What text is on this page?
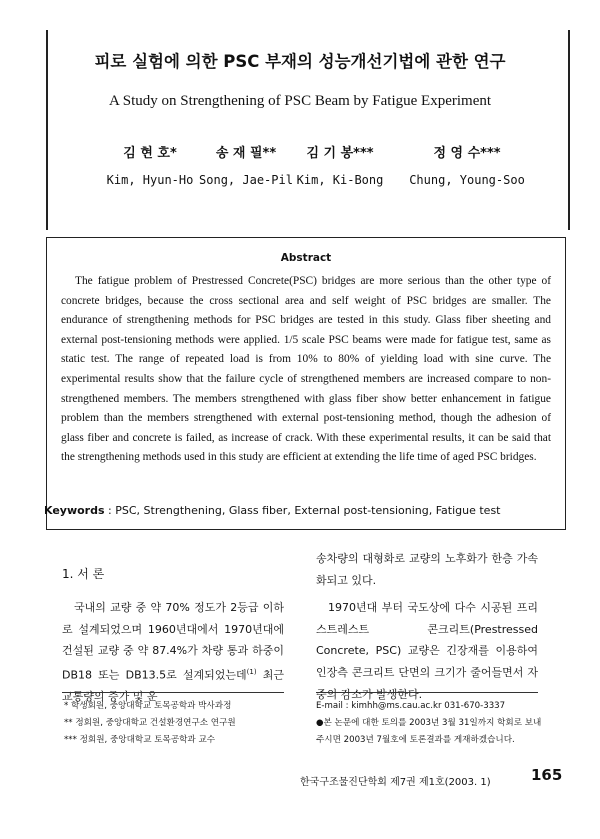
피로 실험에 의한 PSC 부재의 성능개선기법에 관한 연구
A Study on Strengthening of PSC Beam by Fatigue Experiment
김 현 호*
Kim, Hyun-Ho
송 재 필**
Song, Jae-Pil
김 기 봉***
Kim, Ki-Bong
정 영 수***
Chung, Young-Soo
Abstract
The fatigue problem of Prestressed Concrete(PSC) bridges are more serious than the other type of concrete bridges, because the cross sectional area and self weight of PSC bridges are smaller. The endurance of strengthening methods for PSC bridges are tested in this study. Glass fiber sheeting and external post-tensioning methods were applied. 1/5 scale PSC beams were made for fatigue test, same as static test. The range of repeated load is from 10% to 80% of yielding load with sine curve. The experimental results show that the failure cycle of strengthened members are increased compare to non-strengthened members. The members strengthened with glass fiber show better enhancement in fatigue problem than the members strengthened with external post-tensioning method, though the adhesion of glass fiber and concrete is failed, as increase of crack. With these experimental results, it can be said that the strengthening methods used in this study are efficient at extending the life time of aged PSC bridges.
Keywords : PSC, Strengthening, Glass fiber, External post-tensioning, Fatigue test
1. 서 론

국내의 교량 중 약 70% 정도가 2등급 이하로 설계되었으며 1960년대에서 1970년대에 건설된 교량 중 약 87.4%가 차량 통과 하중이 DB18 또는 DB13.5로 설계되었는데$^{(1)}$ 최근 교통량의 증가 및 운

송차량의 대형화로 교량의 노후화가 한층 가속화되고 있다.

1970년대 부터 국도상에 다수 시공된 프리스트레스트 콘크리트(Prestressed Concrete, PSC) 교량은 긴장재를 이용하여 인장측 콘크리트 단면의 크기가 줄어들면서 자중의 감소가 발생한다.

* 학생회원, 중앙대학교 토목공학과 박사과정
** 정회원, 중앙대학교 건설환경연구소 연구원
*** 정회원, 중앙대학교 토목공학과 교수
E-mail : kimhh@ms.cau.ac.kr 031-670-3337
●본 논문에 대한 토의를 2003년 3월 31일까지 학회로 보내주시면 2003년 7월호에 토론결과를 게재하겠습니다.
한국구조물진단학회 제7권 제1호(2003. 1)	165
